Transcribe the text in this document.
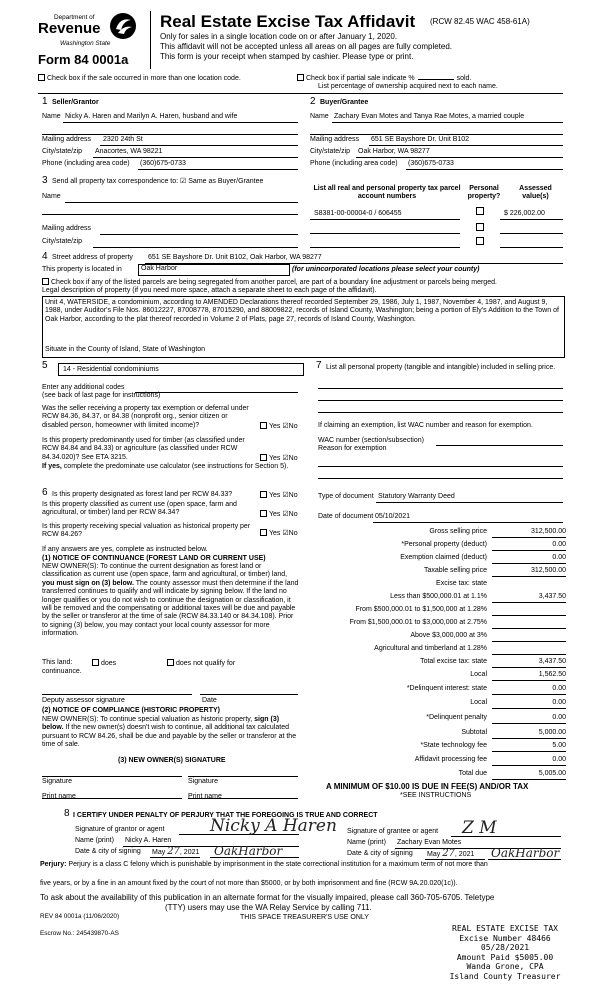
Department of
Revenue
Washington State
Form 84 0001a
Real Estate Excise Tax Affidavit (RCW 82.45 WAC 458-61A)
Only for sales in a single location code on or after January 1, 2020.
This affidavit will not be accepted unless all areas on all pages are fully completed.
This form is your receipt when stamped by cashier. Please type or print.
Check box if the sale occurred in more than one location code.	Check box if partial sale indicate %	sold.
List percentage of ownership acquired next to each name.
1 Seller/Grantor
Name Nicky A. Haren and Marilyn A. Haren, husband and wife
Mailing address 2320 24th St
City/state/zip Anacortes, WA 98221
Phone (including area code) (360)675-0733
2 Buyer/Grantee
Name Zachary Evan Motes and Tanya Rae Motes, a married couple
Mailing address 651 SE Bayshore Dr. Unit B102
City/state/zip Oak Harbor, WA 98277
Phone (including area code) (360)675-0733
3 Send all property tax correspondence to: ☑ Same as Buyer/Grantee
Name
Mailing address
City/state/zip
List all real and personal property tax parcel account numbers
Personal property?
Assessed value(s)
S8381-00-00004-0 / 606455	$ 226,002.00
4 Street address of property 651 SE Bayshore Dr. Unit B102, Oak Harbor, WA 98277
This property is located in	Oak Harbor	(for unincorporated locations please select your county)
Check box if any of the listed parcels are being segregated from another parcel, are part of a boundary line adjustment or parcels being merged.
Legal description of property (if you need more space, attach a separate sheet to each page of the affidavit).
Unit 4, WATERSIDE, a condominium, according to AMENDED Declarations thereof recorded September 29, 1986, July 1, 1987, November 4, 1987, and August 9, 1988, under Auditor's File Nos. 86012227, 87008778, 87015290, and 88009822, records of Island County, Washington; being a portion of Ely's Addition to the Town of Oak Harbor, according to the plat thereof recorded in Volume 2 of Plats, page 27, records of Island County, Washington.
Situate in the County of Island, State of Washington
5	14 - Residential condominiums
Enter any additional codes
(see back of last page for instructions)
Was the seller receiving a property tax exemption or deferral under RCW 84.36, 84.37, or 84.38 (nonprofit org., senior citizen or disabled person, homeowner with limited income)?	Yes ☑No
Is this property predominantly used for timber (as classified under RCW 84.84 and 84.33) or agriculture (as classified under RCW 84.34.020)? See ETA 3215.	Yes ☑No
If yes, complete the predominate use calculator (see instructions for Section 5).
6 Is this property designated as forest land per RCW 84.33?	Yes ☑No
Is this property classified as current use (open space, farm and agricultural, or timber) land per RCW 84.34?	Yes ☑No
Is this property receiving special valuation as historical property per RCW 84.26?	Yes ☑No
If any answers are yes, complete as instructed below.
(1) NOTICE OF CONTINUANCE (FOREST LAND OR CURRENT USE)
NEW OWNER(S): To continue the current designation as forest land or classification as current use (open space, farm and agricultural, or timber) land, you must sign on (3) below. The county assessor must then determine if the land transferred continues to qualify and will indicate by signing below. If the land no longer qualifies or you do not wish to continue the designation or classification, it will be removed and the compensating or additional taxes will be due and payable by the seller or transferor at the time of sale (RCW 84.33.140 or 84.34.108). Prior to signing (3) below, you may contact your local county assessor for more information.
This land:	does	does not qualify for
continuance.
Deputy assessor signature	Date
(2) NOTICE OF COMPLIANCE (HISTORIC PROPERTY)
NEW OWNER(S): To continue special valuation as historic property, sign (3) below. If the new owner(s) doesn't wish to continue, all additional tax calculated pursuant to RCW 84.26, shall be due and payable by the seller or transferor at the time of sale.
(3) NEW OWNER(S) SIGNATURE
Signature	Signature
Print name	Print name
7 List all personal property (tangible and intangible) included in selling price.
If claiming an exemption, list WAC number and reason for exemption.
WAC number (section/subsection)
Reason for exemption
Type of document Statutory Warranty Deed
Date of document 05/10/2021
Gross selling price	312,500.00
*Personal property (deduct)	0.00
Exemption claimed (deduct)	0.00
Taxable selling price	312,500.00
Excise tax: state
Less than $500,000.01 at 1.1%	3,437.50
From $500,000.01 to $1,500,000 at 1.28%
From $1,500,000.01 to $3,000,000 at 2.75%
Above $3,000,000 at 3%
Agricultural and timberland at 1.28%
Total excise tax: state	3,437.50
Local	1,562.50
*Delinquent interest: state	0.00
Local	0.00
*Delinquent penalty	0.00
Subtotal	5,000.00
*State technology fee	5.00
Affidavit processing fee	0.00
Total due	5,005.00
A MINIMUM OF $10.00 IS DUE IN FEE(S) AND/OR TAX
*SEE INSTRUCTIONS
8 I CERTIFY UNDER PENALTY OF PERJURY THAT THE FOREGOING IS TRUE AND CORRECT
Signature of grantor or agent	Nicky A Haren
Name (print) Nicky A. Haren
Date & city of signing May 27, 2021 OakHarbor
Signature of grantee or agent Z M
Name (print) Zachary Evan Motes
Date & city of signing May 27, 2021 OakHarbor
Perjury: Perjury is a class C felony which is punishable by imprisonment in the state correctional institution for a maximum term of not more than
five years, or by a fine in an amount fixed by the court of not more than $5000, or by both imprisonment and fine (RCW 9A.20.020(1c)).
To ask about the availability of this publication in an alternate format for the visually impaired, please call 360-705-6705. Teletype
(TTY) users may use the WA Relay Service by calling 711.
REV 84 0001a (11/06/2020)	THIS SPACE TREASURER'S USE ONLY
Escrow No.: 245439870-AS
REAL ESTATE EXCISE TAX
Excise Number 48466
05/28/2021
Amount Paid $5005.00
Wanda Grone, CPA
Island County Treasurer
